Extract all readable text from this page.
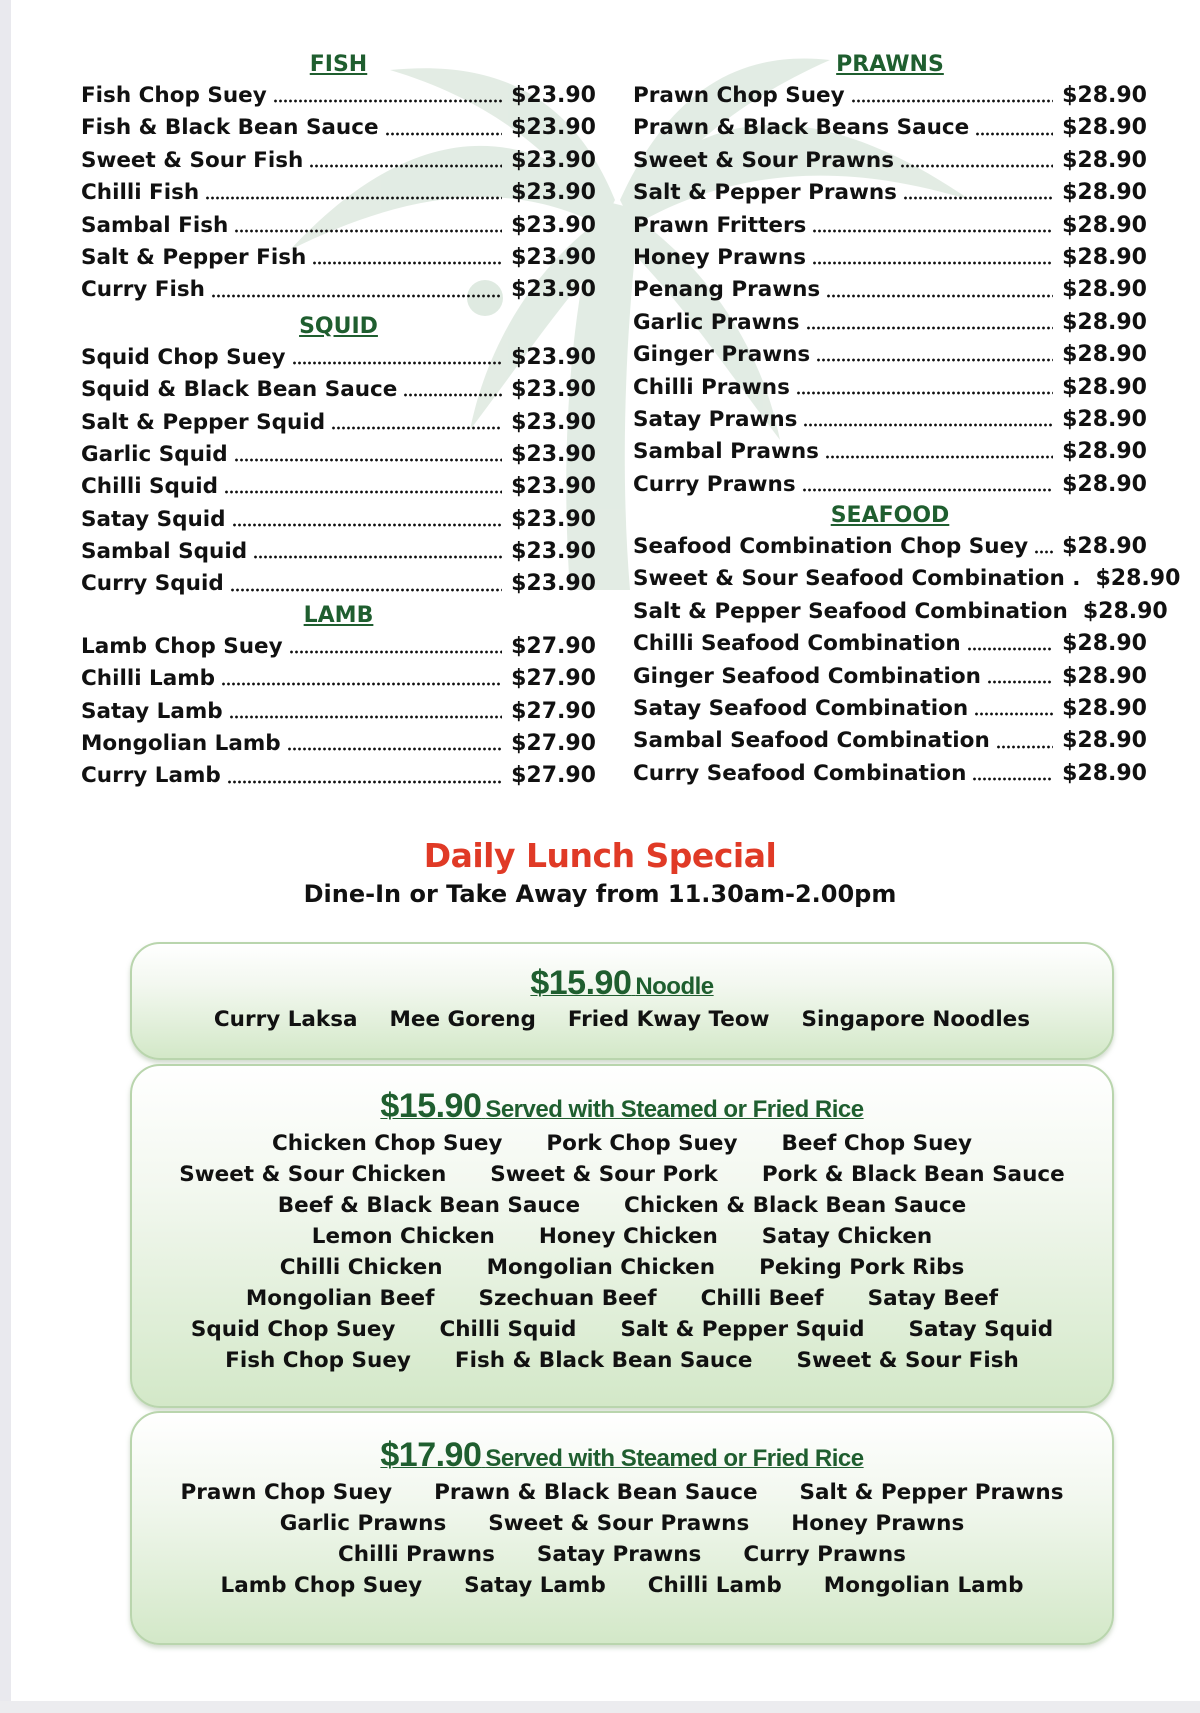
FISH
Fish Chop Suey	$23.90
Fish & Black Bean Sauce	$23.90
Sweet & Sour Fish	$23.90
Chilli Fish	$23.90
Sambal Fish	$23.90
Salt & Pepper Fish	$23.90
Curry Fish	$23.90
SQUID
Squid Chop Suey	$23.90
Squid & Black Bean Sauce	$23.90
Salt & Pepper Squid	$23.90
Garlic Squid	$23.90
Chilli Squid	$23.90
Satay Squid	$23.90
Sambal Squid	$23.90
Curry Squid	$23.90
LAMB
Lamb Chop Suey	$27.90
Chilli Lamb	$27.90
Satay Lamb	$27.90
Mongolian Lamb	$27.90
Curry Lamb	$27.90
PRAWNS
Prawn Chop Suey	$28.90
Prawn & Black Beans Sauce	$28.90
Sweet & Sour Prawns	$28.90
Salt & Pepper Prawns	$28.90
Prawn Fritters	$28.90
Honey Prawns	$28.90
Penang Prawns	$28.90
Garlic Prawns	$28.90
Ginger Prawns	$28.90
Chilli Prawns	$28.90
Satay Prawns	$28.90
Sambal Prawns	$28.90
Curry Prawns	$28.90
SEAFOOD
Seafood Combination Chop Suey $28.90
Sweet & Sour Seafood Combination . $28.90
Salt & Pepper Seafood Combination $28.90
Chilli Seafood Combination	$28.90
Ginger Seafood Combination	$28.90
Satay Seafood Combination	$28.90
Sambal Seafood Combination	$28.90
Curry Seafood Combination	$28.90
Daily Lunch Special
Dine-In or Take Away from 11.30am-2.00pm
$15.90 Noodle
Curry Laksa Mee Goreng Fried Kway Teow Singapore Noodles
$15.90 Served with Steamed or Fried Rice
Chicken Chop Suey Pork Chop Suey Beef Chop Suey
Sweet & Sour Chicken Sweet & Sour Pork Pork & Black Bean Sauce
Beef & Black Bean Sauce Chicken & Black Bean Sauce
Lemon Chicken Honey Chicken Satay Chicken
Chilli Chicken Mongolian Chicken Peking Pork Ribs
Mongolian Beef Szechuan Beef Chilli Beef Satay Beef
Squid Chop Suey Chilli Squid Salt & Pepper Squid Satay Squid
Fish Chop Suey Fish & Black Bean Sauce Sweet & Sour Fish
$17.90 Served with Steamed or Fried Rice
Prawn Chop Suey Prawn & Black Bean Sauce Salt & Pepper Prawns
Garlic Prawns Sweet & Sour Prawns Honey Prawns
Chilli Prawns Satay Prawns Curry Prawns
Lamb Chop Suey Satay Lamb Chilli Lamb Mongolian Lamb
